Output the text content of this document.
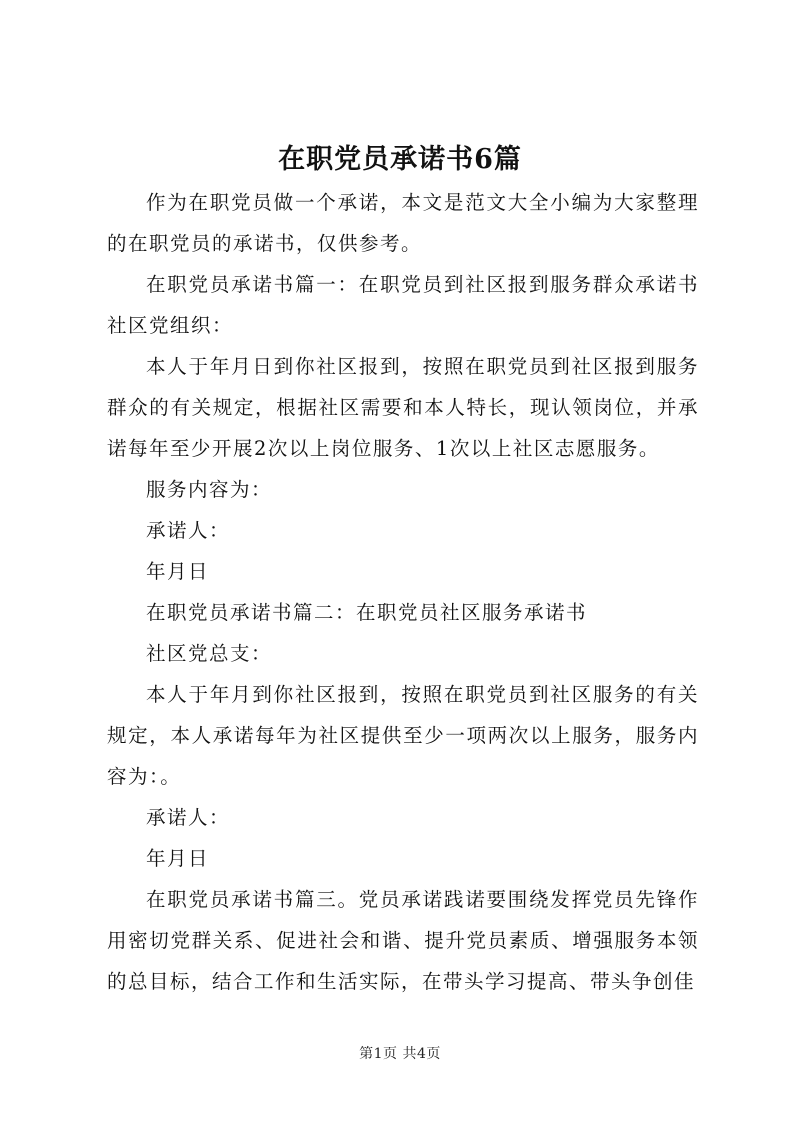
在职党员承诺书6篇

作为在职党员做一个承诺，本文是范文大全小编为大家整理的在职党员的承诺书，仅供参考。

在职党员承诺书篇一：在职党员到社区报到服务群众承诺书社区党组织：

本人于年月日到你社区报到，按照在职党员到社区报到服务群众的有关规定，根据社区需要和本人特长，现认领岗位，并承诺每年至少开展2次以上岗位服务、1次以上社区志愿服务。

服务内容为：

承诺人：

年月日

在职党员承诺书篇二：在职党员社区服务承诺书

社区党总支：

本人于年月到你社区报到，按照在职党员到社区服务的有关规定，本人承诺每年为社区提供至少一项两次以上服务，服务内容为：。

承诺人：

年月日

在职党员承诺书篇三。党员承诺践诺要围绕发挥党员先锋作用密切党群关系、促进社会和谐、提升党员素质、增强服务本领的总目标，结合工作和生活实际，在带头学习提高、带头争创佳

第1页 共4页
